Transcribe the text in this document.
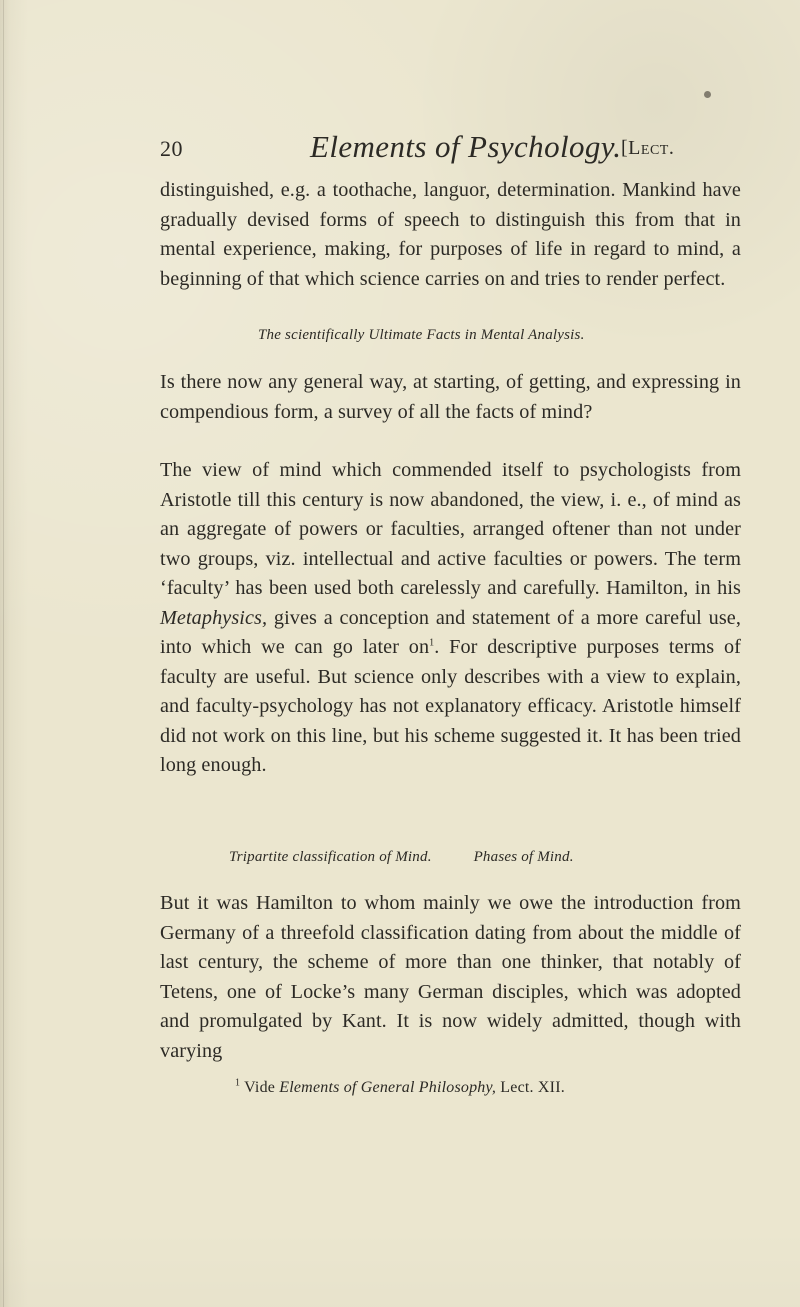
20	Elements of Psychology. [Lect.
distinguished, e.g. a toothache, languor, determination. Mankind have gradually devised forms of speech to distinguish this from that in mental experience, making, for purposes of life in regard to mind, a beginning of that which science carries on and tries to render perfect.
The scientifically Ultimate Facts in Mental Analysis.
Is there now any general way, at starting, of getting, and expressing in compendious form, a survey of all the facts of mind?
The view of mind which commended itself to psychologists from Aristotle till this century is now abandoned, the view, i. e., of mind as an aggregate of powers or faculties, arranged oftener than not under two groups, viz. intellectual and active faculties or powers. The term ‘faculty’ has been used both carelessly and carefully. Hamilton, in his Metaphysics, gives a conception and statement of a more careful use, into which we can go later $on^1$. For descriptive purposes terms of faculty are useful. But science only describes with a view to explain, and faculty-psychology has not explanatory efficacy. Aristotle himself did not work on this line, but his scheme suggested it. It has been tried long enough.
Tripartite classification of Mind.	Phases of Mind.
But it was Hamilton to whom mainly we owe the introduction from Germany of a threefold classification dating from about the middle of last century, the scheme of more than one thinker, that notably of Tetens, one of Locke’s many German disciples, which was adopted and promulgated by Kant. It is now widely admitted, though with varying
$^1$ Vide Elements of General Philosophy, Lect. XII.
